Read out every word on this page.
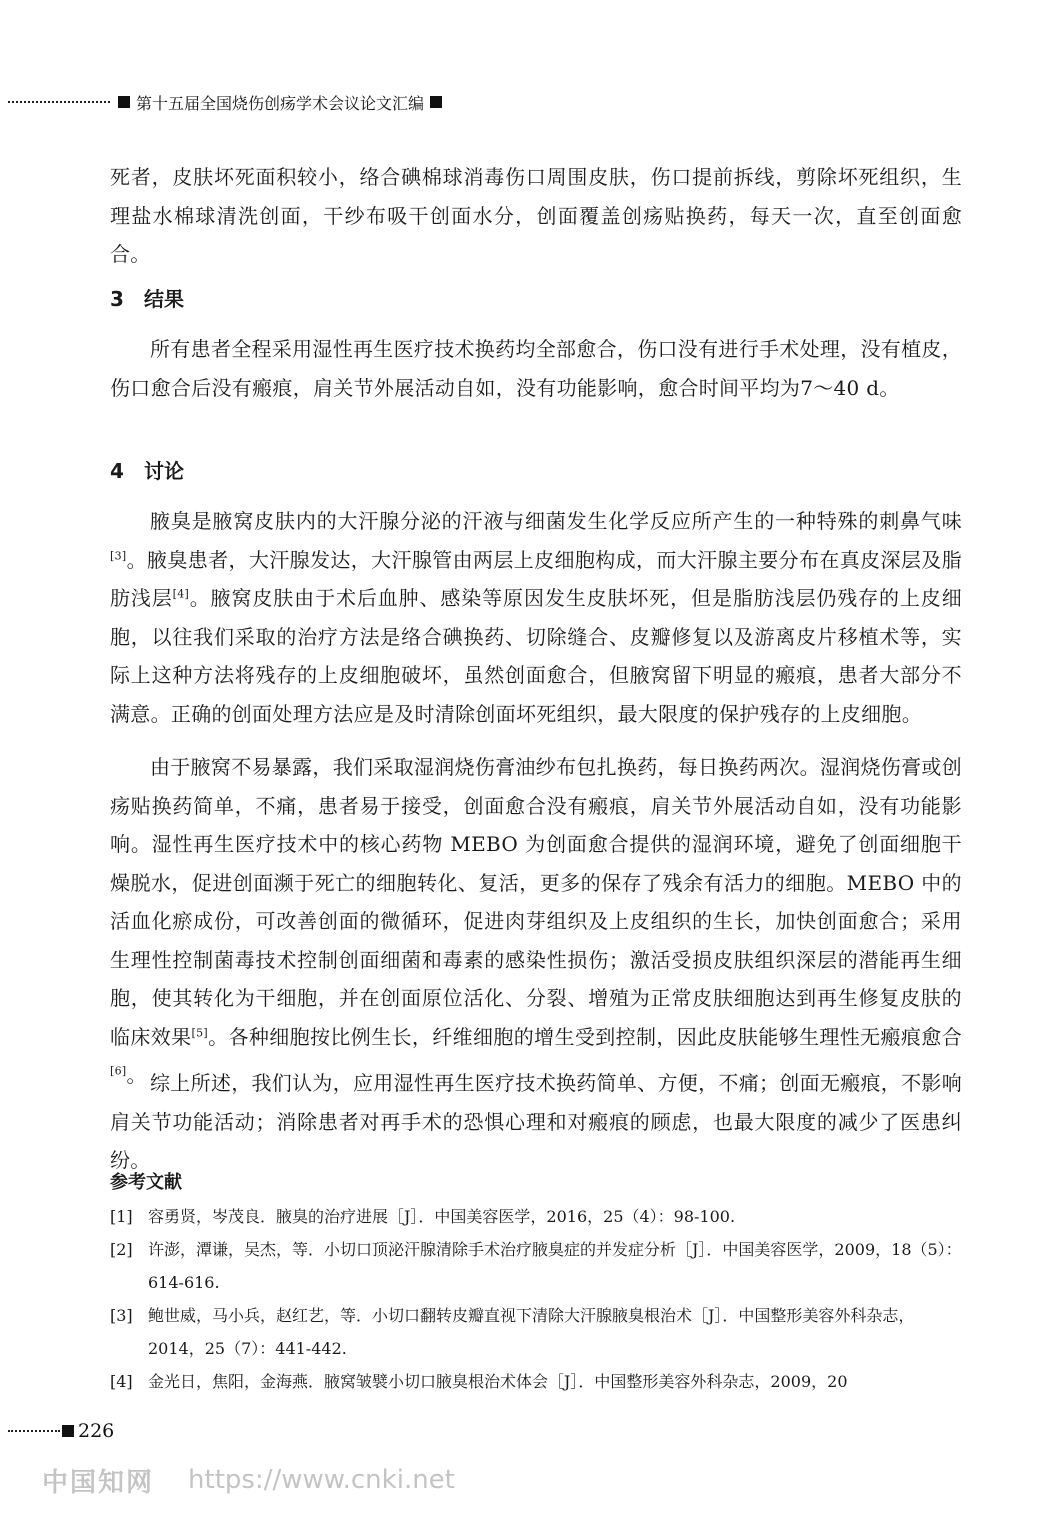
第十五届全国烧伤创疡学术会议论文汇编
死者，皮肤坏死面积较小，络合碘棉球消毒伤口周围皮肤，伤口提前拆线，剪除坏死组织，生理盐水棉球清洗创面，干纱布吸干创面水分，创面覆盖创疡贴换药，每天一次，直至创面愈合。
3 结果
所有患者全程采用湿性再生医疗技术换药均全部愈合，伤口没有进行手术处理，没有植皮，伤口愈合后没有瘢痕，肩关节外展活动自如，没有功能影响，愈合时间平均为7～40 d。
4 讨论
腋臭是腋窝皮肤内的大汗腺分泌的汗液与细菌发生化学反应所产生的一种特殊的刺鼻气味[3]。腋臭患者，大汗腺发达，大汗腺管由两层上皮细胞构成，而大汗腺主要分布在真皮深层及脂肪浅层[4]。腋窝皮肤由于术后血肿、感染等原因发生皮肤坏死，但是脂肪浅层仍残存的上皮细胞，以往我们采取的治疗方法是络合碘换药、切除缝合、皮瓣修复以及游离皮片移植术等，实际上这种方法将残存的上皮细胞破坏，虽然创面愈合，但腋窝留下明显的瘢痕，患者大部分不满意。正确的创面处理方法应是及时清除创面坏死组织，最大限度的保护残存的上皮细胞。
由于腋窝不易暴露，我们采取湿润烧伤膏油纱布包扎换药，每日换药两次。湿润烧伤膏或创疡贴换药简单，不痛，患者易于接受，创面愈合没有瘢痕，肩关节外展活动自如，没有功能影响。湿性再生医疗技术中的核心药物 MEBO 为创面愈合提供的湿润环境，避免了创面细胞干燥脱水，促进创面濒于死亡的细胞转化、复活，更多的保存了残余有活力的细胞。MEBO 中的活血化瘀成份，可改善创面的微循环，促进肉芽组织及上皮组织的生长，加快创面愈合；采用生理性控制菌毒技术控制创面细菌和毒素的感染性损伤；激活受损皮肤组织深层的潜能再生细胞，使其转化为干细胞，并在创面原位活化、分裂、增殖为正常皮肤细胞达到再生修复皮肤的临床效果[5]。各种细胞按比例生长，纤维细胞的增生受到控制，因此皮肤能够生理性无瘢痕愈合[6]。 综上所述，我们认为，应用湿性再生医疗技术换药简单、方便，不痛；创面无瘢痕，不影响肩关节功能活动；消除患者对再手术的恐惧心理和对瘢痕的顾虑，也最大限度的减少了医患纠纷。
参考文献
[1] 容勇贤，岑茂良．腋臭的治疗进展［J］．中国美容医学，2016，25（4）：98-100.
[2] 许澎，潭谦，吴杰，等．小切口顶泌汗腺清除手术治疗腋臭症的并发症分析［J］．中国美容医学，2009，18（5）：614-616.
[3] 鲍世威，马小兵，赵红艺，等．小切口翻转皮瓣直视下清除大汗腺腋臭根治术［J］．中国整形美容外科杂志，2014，25（7）：441-442.
[4] 金光日，焦阳，金海燕．腋窝皱襞小切口腋臭根治术体会［J］．中国整形美容外科杂志，2009，20
226
中国知网 https://www.cnki.net
